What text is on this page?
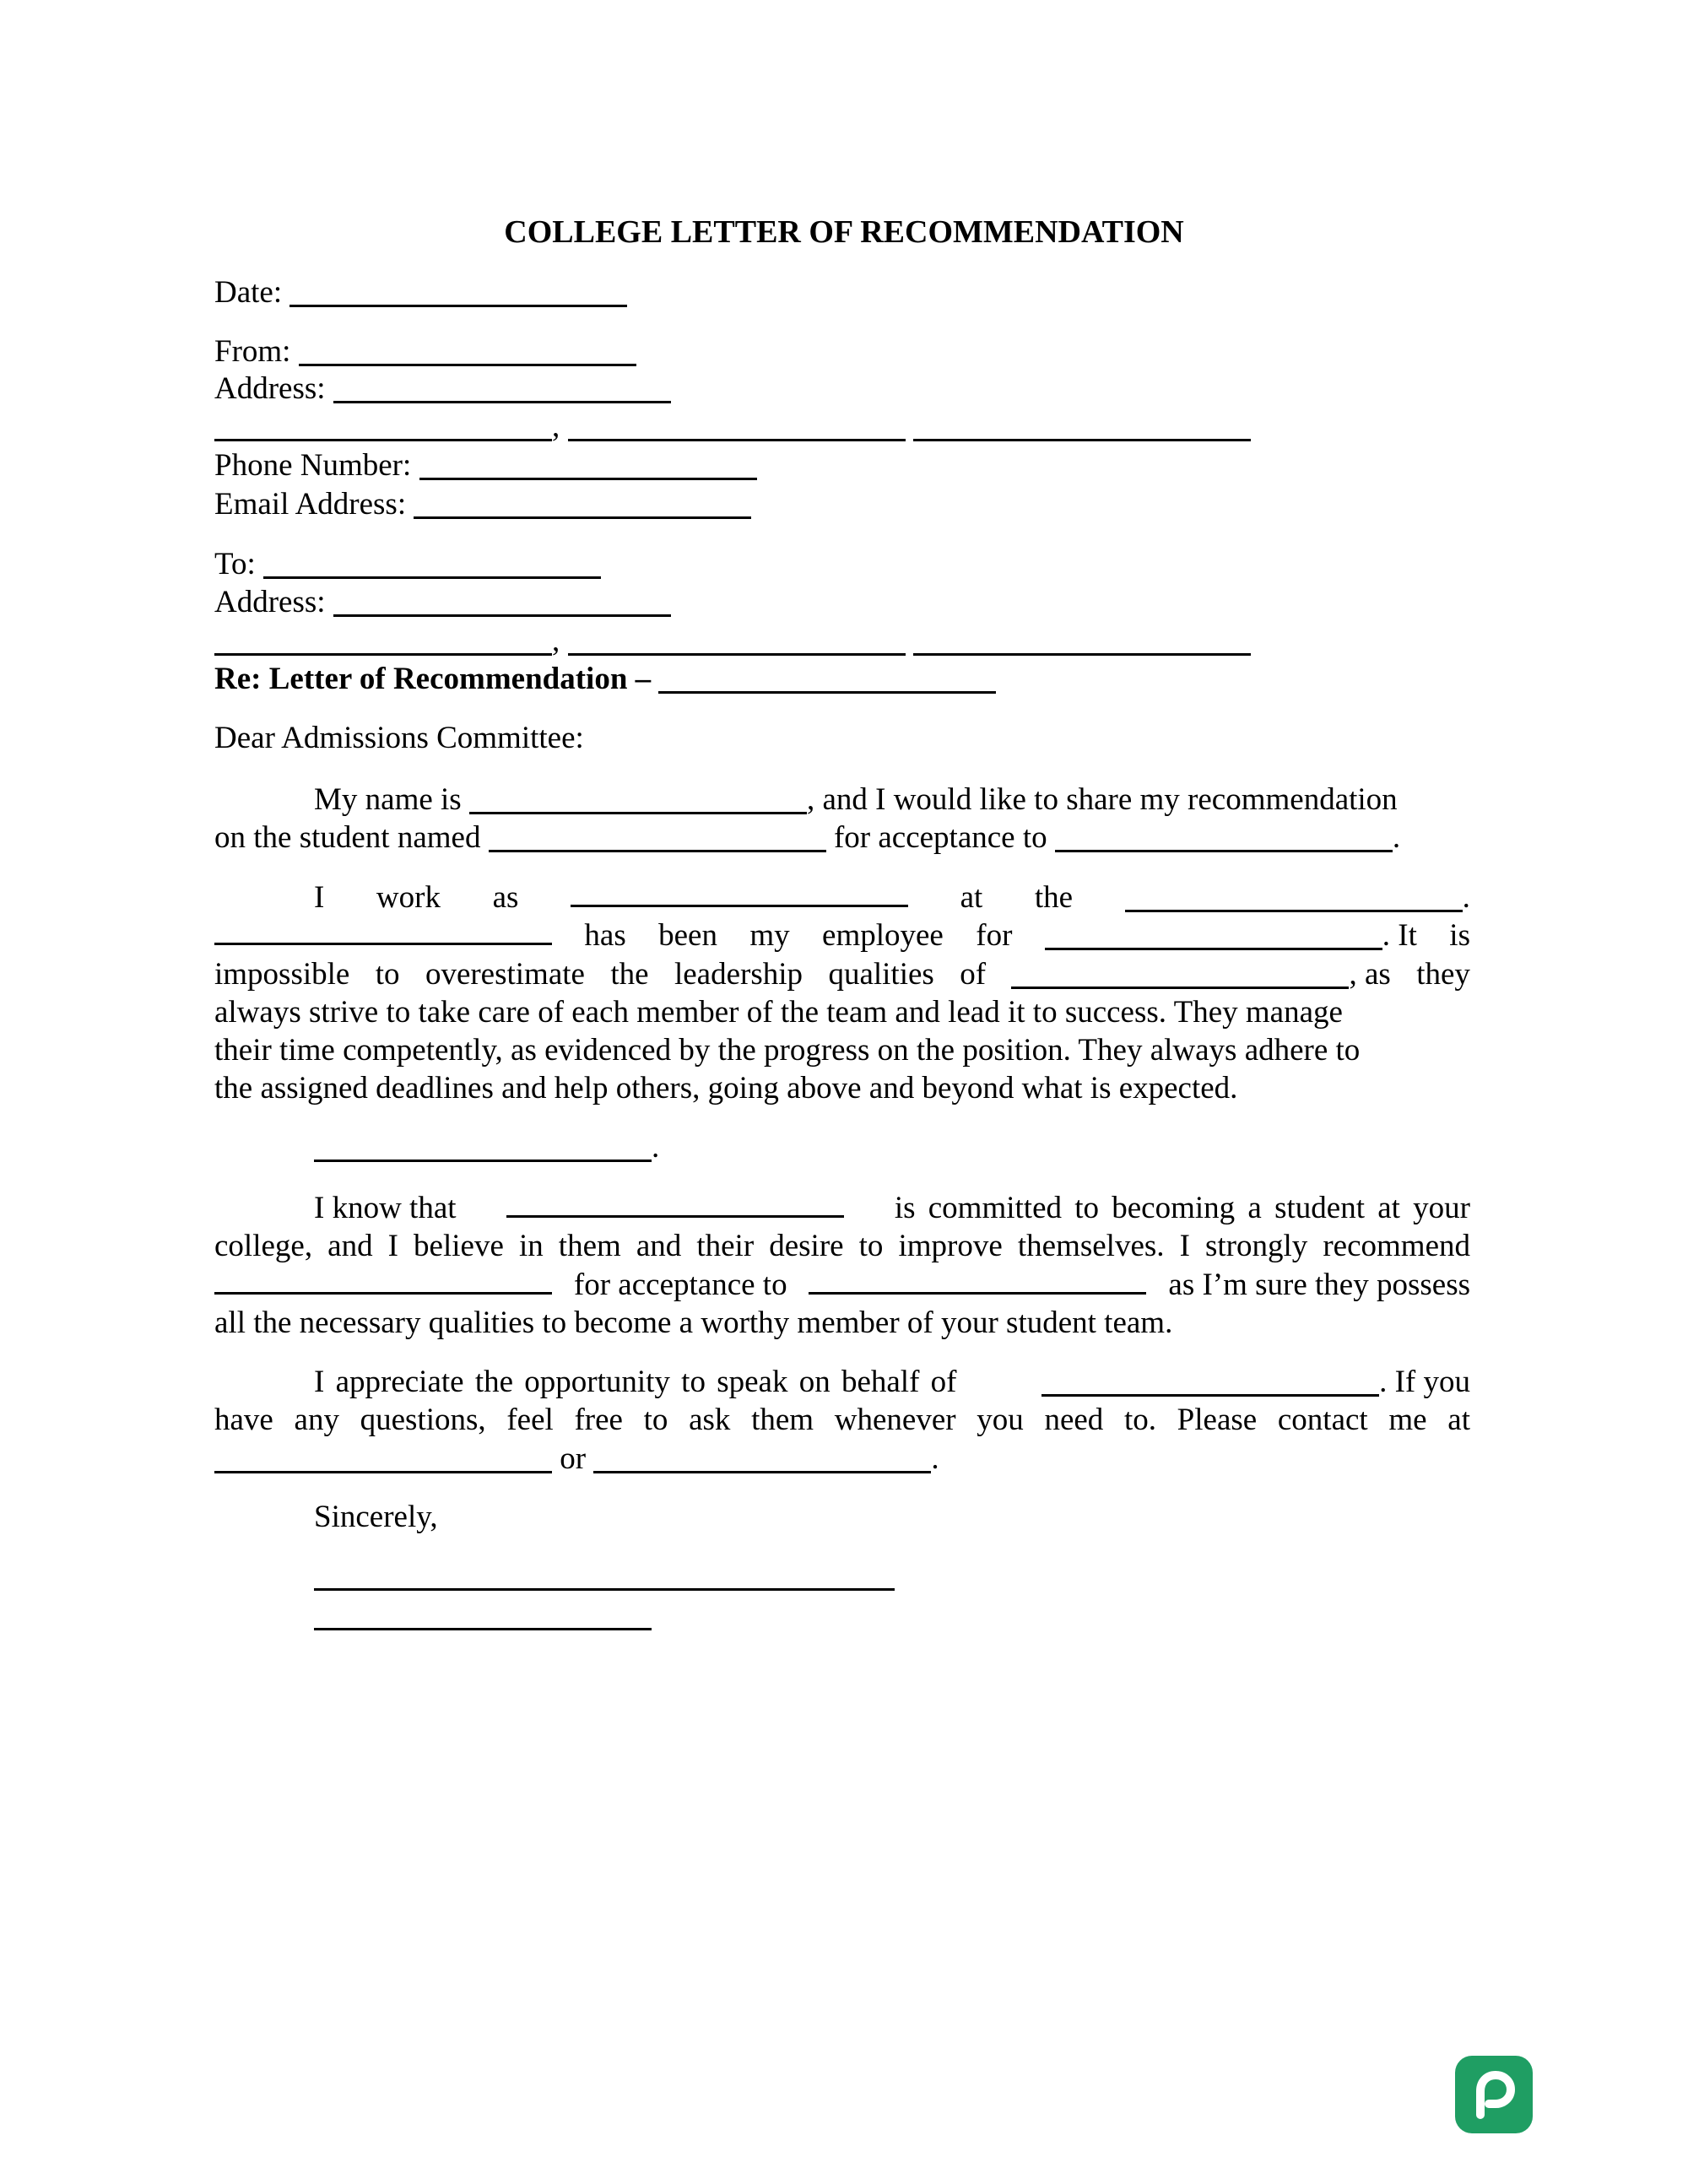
COLLEGE LETTER OF RECOMMENDATION
Date:
From:
Address:
,
Phone Number:
Email Address:
To:
Address:
,
Re: Letter of Recommendation –
Dear Admissions Committee:
My name is	, and I would like to share my recommendation
on the student named	for acceptance to	.
I work as	at the	.
has been my employee for	. It is
impossible to overestimate the leadership qualities of	, as they
always strive to take care of each member of the team and lead it to success. They manage
their time competently, as evidenced by the progress on the position. They always adhere to
the assigned deadlines and help others, going above and beyond what is expected.
.
I know that	is committed to becoming a student at your
college, and I believe in them and their desire to improve themselves. I strongly recommend
for acceptance to	as I’m sure they possess
all the necessary qualities to become a worthy member of your student team.
I appreciate the opportunity to speak on behalf of	. If you
have any questions, feel free to ask them whenever you need to. Please contact me at
or	.
Sincerely,
